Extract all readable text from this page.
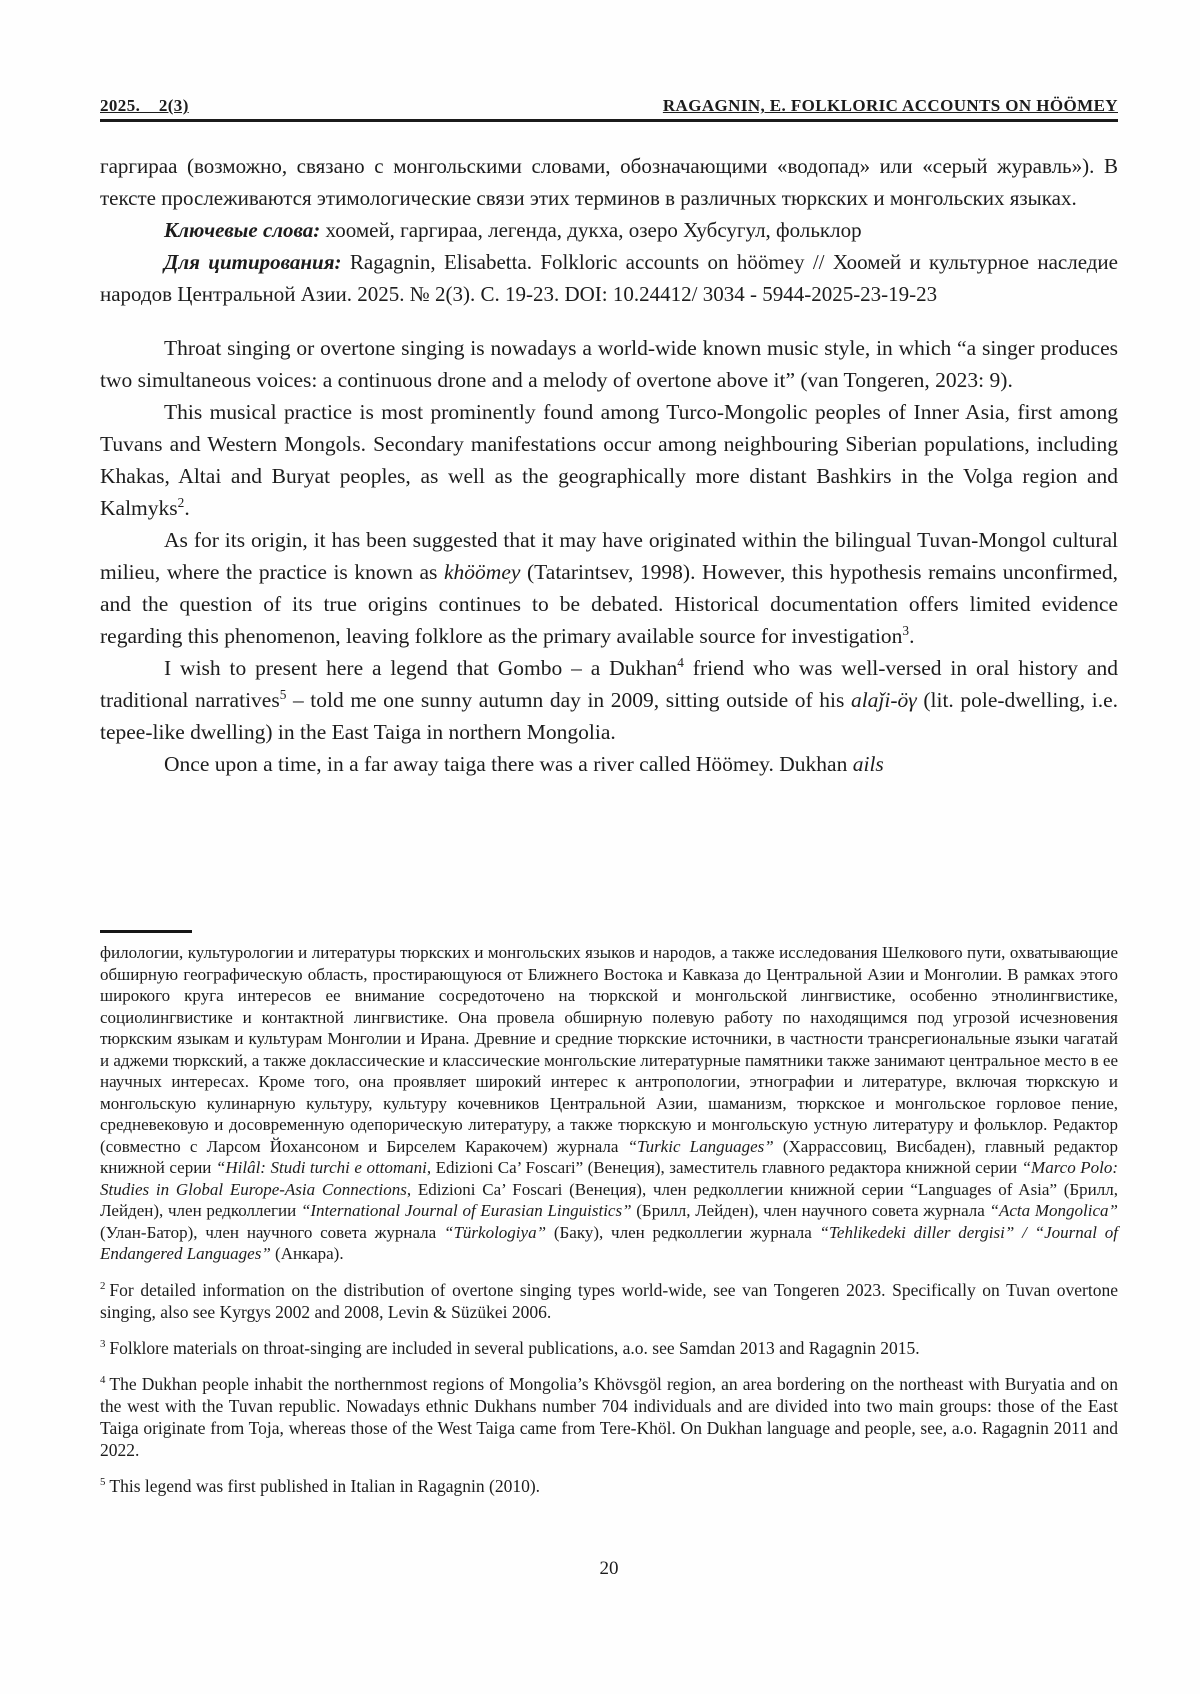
2025.    2(3)	RAGAGNIN, E. FOLKLORIC ACCOUNTS ON HÖÖMEY

гаргираа (возможно, связано с монгольскими словами, обозначающими «водопад» или «серый журавль»). В тексте прослеживаются этимологические связи этих терминов в различных тюркских и монгольских языках.

Ключевые слова: хоомей, гаргираа, легенда, дукха, озеро Хубсугул, фольклор

Для цитирования: Ragagnin, Elisabetta. Folkloric accounts on höömey // Хоомей и культурное наследие народов Центральной Азии. 2025. № 2(3). С. 19-23. DOI: 10.24412/ 3034 - 5944-2025-23-19-23

Throat singing or overtone singing is nowadays a world-wide known music style, in which “a singer produces two simultaneous voices: a continuous drone and a melody of overtone above it” (van Tongeren, 2023: 9).

This musical practice is most prominently found among Turco-Mongolic peoples of Inner Asia, first among Tuvans and Western Mongols. Secondary manifestations occur among neighbouring Siberian populations, including Khakas, Altai and Buryat peoples, as well as the geographically more distant Bashkirs in the Volga region and Kalmyks$^2$.

As for its origin, it has been suggested that it may have originated within the bilingual Tuvan-Mongol cultural milieu, where the practice is known as khöömey (Tatarintsev, 1998). However, this hypothesis remains unconfirmed, and the question of its true origins continues to be debated. Historical documentation offers limited evidence regarding this phenomenon, leaving folklore as the primary available source for investigation$^3$.

I wish to present here a legend that Gombo – a Dukhan$^4$ friend who was well-versed in oral history and traditional narratives$^5$ – told me one sunny autumn day in 2009, sitting outside of his alaǰi-öγ (lit. pole-dwelling, i.e. tepee-like dwelling) in the East Taiga in northern Mongolia.

Once upon a time, in a far away taiga there was a river called Höömey. Dukhan ails

филологии, культурологии и литературы тюркских и монгольских языков и народов, а также исследования Шелкового пути, охватывающие обширную географическую область, простирающуюся от Ближнего Востока и Кавказа до Центральной Азии и Монголии. В рамках этого широкого круга интересов ее внимание сосредоточено на тюркской и монгольской лингвистике, особенно этнолингвистике, социолингвистике и контактной лингвистике. Она провела обширную полевую работу по находящимся под угрозой исчезновения тюркским языкам и культурам Монголии и Ирана. Древние и средние тюркские источники, в частности трансрегиональные языки чагатай и аджеми тюркский, а также доклассические и классические монгольские литературные памятники также занимают центральное место в ее научных интересах. Кроме того, она проявляет широкий интерес к антропологии, этнографии и литературе, включая тюркскую и монгольскую кулинарную культуру, культуру кочевников Центральной Азии, шаманизм, тюркское и монгольское горловое пение, средневековую и досовременную одепорическую литературу, а также тюркскую и монгольскую устную литературу и фольклор. Редактор (совместно с Ларсом Йохансоном и Бирселем Каракочем) журнала “Turkic Languages” (Харрассовиц, Висбаден), главный редактор книжной серии “Hilâl: Studi turchi e ottomani, Edizioni Ca’ Foscari” (Венеция), заместитель главного редактора книжной серии “Marco Polo: Studies in Global Europe-Asia Connections, Edizioni Ca’ Foscari (Венеция), член редколлегии книжной серии “Languages of Asia” (Брилл, Лейден), член редколлегии “International Journal of Eurasian Linguistics” (Брилл, Лейден), член научного совета журнала “Acta Mongolica” (Улан-Батор), член научного совета журнала “Türkologiya” (Баку), член редколлегии журнала “Tehlikedeki diller dergisi” / “Journal of Endangered Languages” (Анкара).

$^2$ For detailed information on the distribution of overtone singing types world-wide, see van Tongeren 2023. Specifically on Tuvan overtone singing, also see Kyrgys 2002 and 2008, Levin & Süzükei 2006.

$^3$ Folklore materials on throat-singing are included in several publications, a.o. see Samdan 2013 and Ragagnin 2015.

$^4$ The Dukhan people inhabit the northernmost regions of Mongolia’s Khövsgöl region, an area bordering on the northeast with Buryatia and on the west with the Tuvan republic. Nowadays ethnic Dukhans number 704 individuals and are divided into two main groups: those of the East Taiga originate from Toja, whereas those of the West Taiga came from Tere-Khöl. On Dukhan language and people, see, a.o. Ragagnin 2011 and 2022.

$^5$ This legend was first published in Italian in Ragagnin (2010).

20
